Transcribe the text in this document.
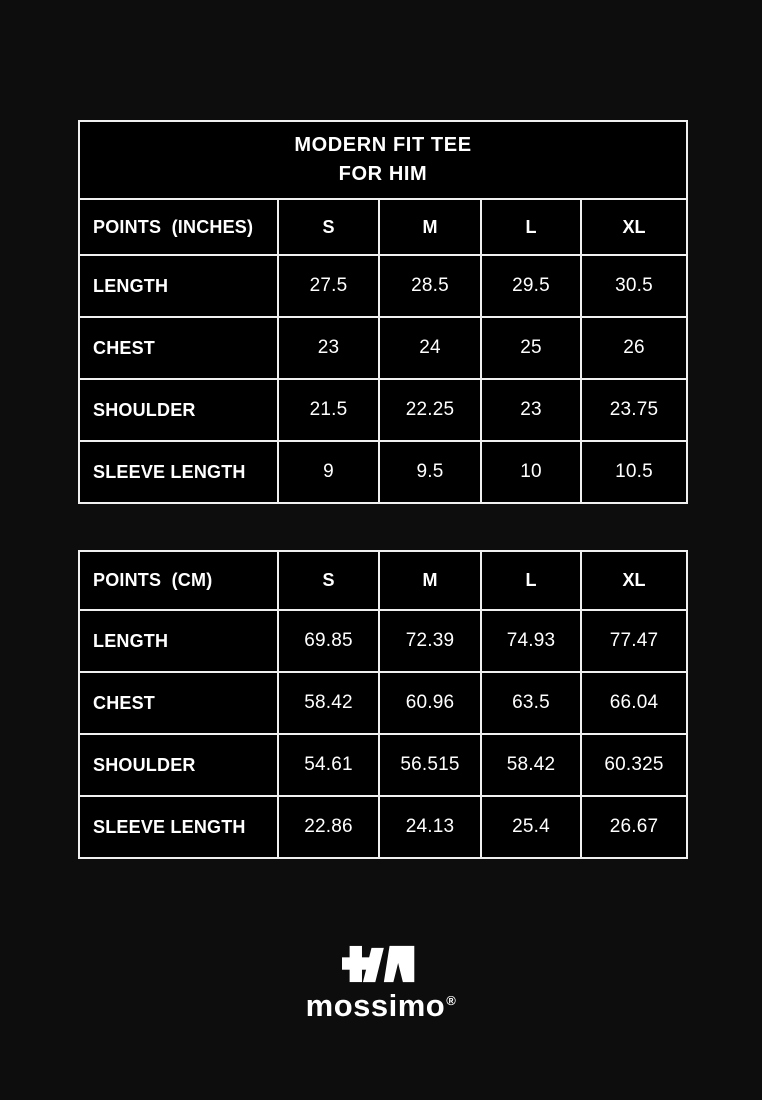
MODERN FIT TEE
FOR HIM				

POINTS  (INCHES)	S	M	L	XL
LENGTH	27.5	28.5	29.5	30.5
CHEST	23	24	25	26
SHOULDER	21.5	22.25	23	23.75
SLEEVE LENGTH	9	9.5	10	10.5
POINTS  (CM)	S	M	L	XL
LENGTH	69.85	72.39	74.93	77.47
CHEST	58.42	60.96	63.5	66.04
SHOULDER	54.61	56.515	58.42	60.325
SLEEVE LENGTH	22.86	24.13	25.4	26.67
mossimo®
